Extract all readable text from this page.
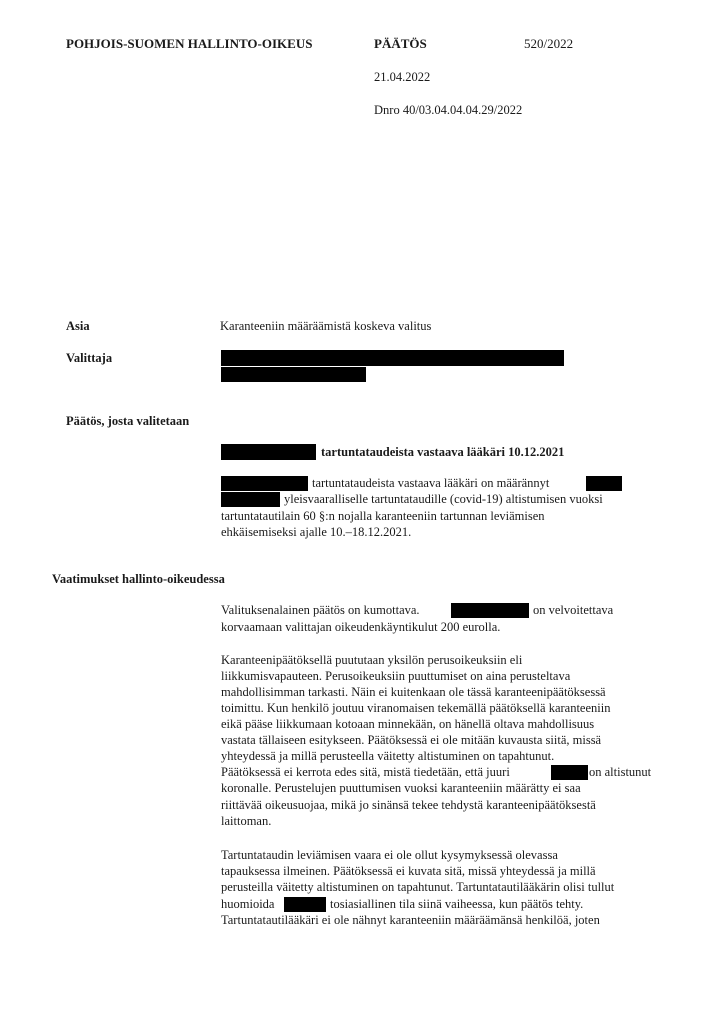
POHJOIS-SUOMEN HALLINTO-OIKEUS	PÄÄTÖS	520/2022
21.04.2022
Dnro 40/03.04.04.04.29/2022
Asia	Karanteeniin määräämistä koskeva valitus
Valittaja
Päätös, josta valitetaan
tartuntataudeista vastaava lääkäri 10.12.2021
tartuntataudeista vastaava lääkäri on määrännyt
yleisvaaralliselle tartuntataudille (covid-19) altistumisen vuoksi
tartuntatautilain 60 §:n nojalla karanteeniin tartunnan leviämisen
ehkäisemiseksi ajalle 10.–18.12.2021.
Vaatimukset hallinto-oikeudessa
Valituksenalainen päätös on kumottava.	on velvoitettava
korvaamaan valittajan oikeudenkäyntikulut 200 eurolla.
Karanteenipäätöksellä puututaan yksilön perusoikeuksiin eli
liikkumisvapauteen. Perusoikeuksiin puuttumiset on aina perusteltava
mahdollisimman tarkasti. Näin ei kuitenkaan ole tässä karanteenipäätöksessä
toimittu. Kun henkilö joutuu viranomaisen tekemällä päätöksellä karanteeniin
eikä pääse liikkumaan kotoaan minnekään, on hänellä oltava mahdollisuus
vastata tällaiseen esitykseen. Päätöksessä ei ole mitään kuvausta siitä, missä
yhteydessä ja millä perusteella väitetty altistuminen on tapahtunut.
Päätöksessä ei kerrota edes sitä, mistä tiedetään, että juuri	on altistunut
koronalle. Perustelujen puuttumisen vuoksi karanteeniin määrätty ei saa
riittävää oikeusuojaa, mikä jo sinänsä tekee tehdystä karanteenipäätöksestä
laittoman.
Tartuntataudin leviämisen vaara ei ole ollut kysymyksessä olevassa
tapauksessa ilmeinen. Päätöksessä ei kuvata sitä, missä yhteydessä ja millä
perusteilla väitetty altistuminen on tapahtunut. Tartuntatautilääkärin olisi tullut
huomioida	tosiasiallinen tila siinä vaiheessa, kun päätös tehty.
Tartuntatautilääkäri ei ole nähnyt karanteeniin määräämänsä henkilöä, joten
